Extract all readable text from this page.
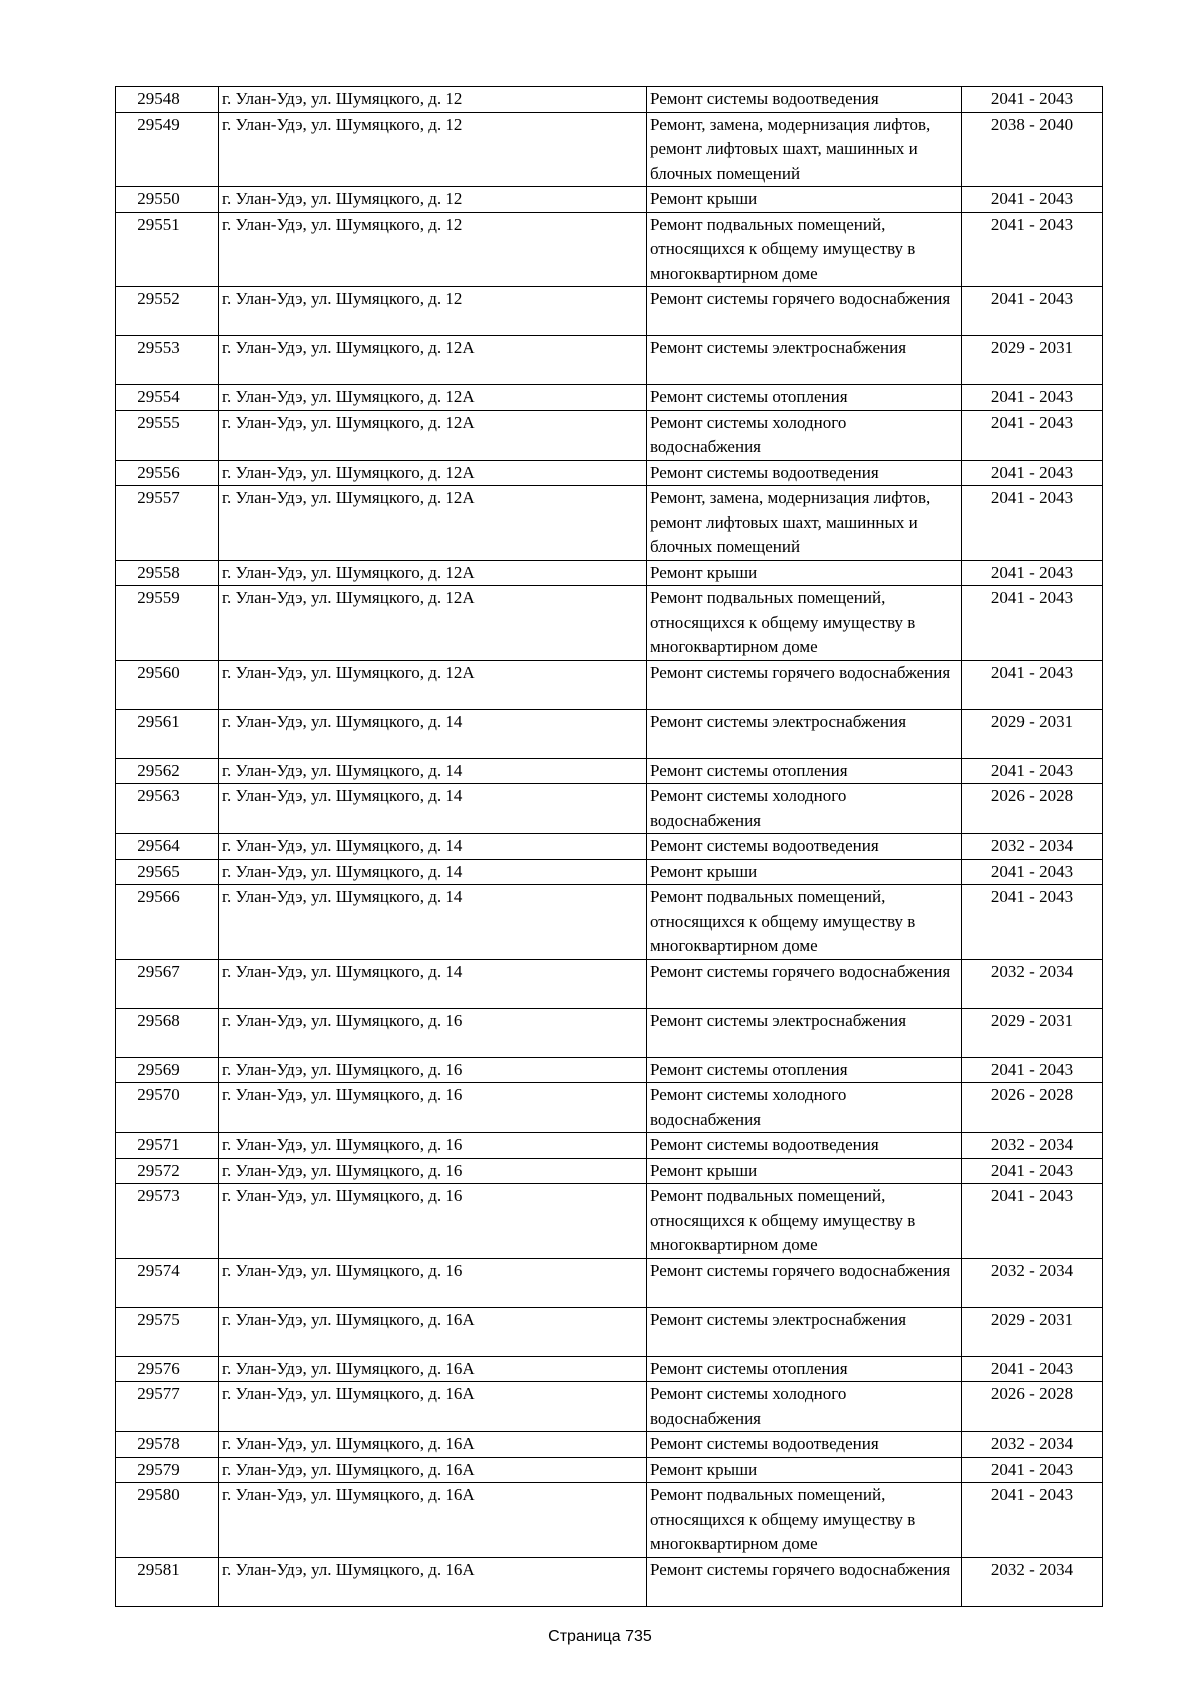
29548	г. Улан-Удэ, ул. Шумяцкого, д. 12	Ремонт системы водоотведения	2041 - 2043
29549	г. Улан-Удэ, ул. Шумяцкого, д. 12	Ремонт, замена, модернизация лифтов, ремонт лифтовых шахт, машинных и блочных помещений	2038 - 2040
29550	г. Улан-Удэ, ул. Шумяцкого, д. 12	Ремонт крыши	2041 - 2043
29551	г. Улан-Удэ, ул. Шумяцкого, д. 12	Ремонт подвальных помещений, относящихся к общему имуществу в многоквартирном доме	2041 - 2043
29552	г. Улан-Удэ, ул. Шумяцкого, д. 12	Ремонт системы горячего водоснабжения	2041 - 2043
29553	г. Улан-Удэ, ул. Шумяцкого, д. 12А	Ремонт системы электроснабжения	2029 - 2031
29554	г. Улан-Удэ, ул. Шумяцкого, д. 12А	Ремонт системы отопления	2041 - 2043
29555	г. Улан-Удэ, ул. Шумяцкого, д. 12А	Ремонт системы холодного водоснабжения	2041 - 2043
29556	г. Улан-Удэ, ул. Шумяцкого, д. 12А	Ремонт системы водоотведения	2041 - 2043
29557	г. Улан-Удэ, ул. Шумяцкого, д. 12А	Ремонт, замена, модернизация лифтов, ремонт лифтовых шахт, машинных и блочных помещений	2041 - 2043
29558	г. Улан-Удэ, ул. Шумяцкого, д. 12А	Ремонт крыши	2041 - 2043
29559	г. Улан-Удэ, ул. Шумяцкого, д. 12А	Ремонт подвальных помещений, относящихся к общему имуществу в многоквартирном доме	2041 - 2043
29560	г. Улан-Удэ, ул. Шумяцкого, д. 12А	Ремонт системы горячего водоснабжения	2041 - 2043
29561	г. Улан-Удэ, ул. Шумяцкого, д. 14	Ремонт системы электроснабжения	2029 - 2031
29562	г. Улан-Удэ, ул. Шумяцкого, д. 14	Ремонт системы отопления	2041 - 2043
29563	г. Улан-Удэ, ул. Шумяцкого, д. 14	Ремонт системы холодного водоснабжения	2026 - 2028
29564	г. Улан-Удэ, ул. Шумяцкого, д. 14	Ремонт системы водоотведения	2032 - 2034
29565	г. Улан-Удэ, ул. Шумяцкого, д. 14	Ремонт крыши	2041 - 2043
29566	г. Улан-Удэ, ул. Шумяцкого, д. 14	Ремонт подвальных помещений, относящихся к общему имуществу в многоквартирном доме	2041 - 2043
29567	г. Улан-Удэ, ул. Шумяцкого, д. 14	Ремонт системы горячего водоснабжения	2032 - 2034
29568	г. Улан-Удэ, ул. Шумяцкого, д. 16	Ремонт системы электроснабжения	2029 - 2031
29569	г. Улан-Удэ, ул. Шумяцкого, д. 16	Ремонт системы отопления	2041 - 2043
29570	г. Улан-Удэ, ул. Шумяцкого, д. 16	Ремонт системы холодного водоснабжения	2026 - 2028
29571	г. Улан-Удэ, ул. Шумяцкого, д. 16	Ремонт системы водоотведения	2032 - 2034
29572	г. Улан-Удэ, ул. Шумяцкого, д. 16	Ремонт крыши	2041 - 2043
29573	г. Улан-Удэ, ул. Шумяцкого, д. 16	Ремонт подвальных помещений, относящихся к общему имуществу в многоквартирном доме	2041 - 2043
29574	г. Улан-Удэ, ул. Шумяцкого, д. 16	Ремонт системы горячего водоснабжения	2032 - 2034
29575	г. Улан-Удэ, ул. Шумяцкого, д. 16А	Ремонт системы электроснабжения	2029 - 2031
29576	г. Улан-Удэ, ул. Шумяцкого, д. 16А	Ремонт системы отопления	2041 - 2043
29577	г. Улан-Удэ, ул. Шумяцкого, д. 16А	Ремонт системы холодного водоснабжения	2026 - 2028
29578	г. Улан-Удэ, ул. Шумяцкого, д. 16А	Ремонт системы водоотведения	2032 - 2034
29579	г. Улан-Удэ, ул. Шумяцкого, д. 16А	Ремонт крыши	2041 - 2043
29580	г. Улан-Удэ, ул. Шумяцкого, д. 16А	Ремонт подвальных помещений, относящихся к общему имуществу в многоквартирном доме	2041 - 2043
29581	г. Улан-Удэ, ул. Шумяцкого, д. 16А	Ремонт системы горячего водоснабжения	2032 - 2034
Страница 735
